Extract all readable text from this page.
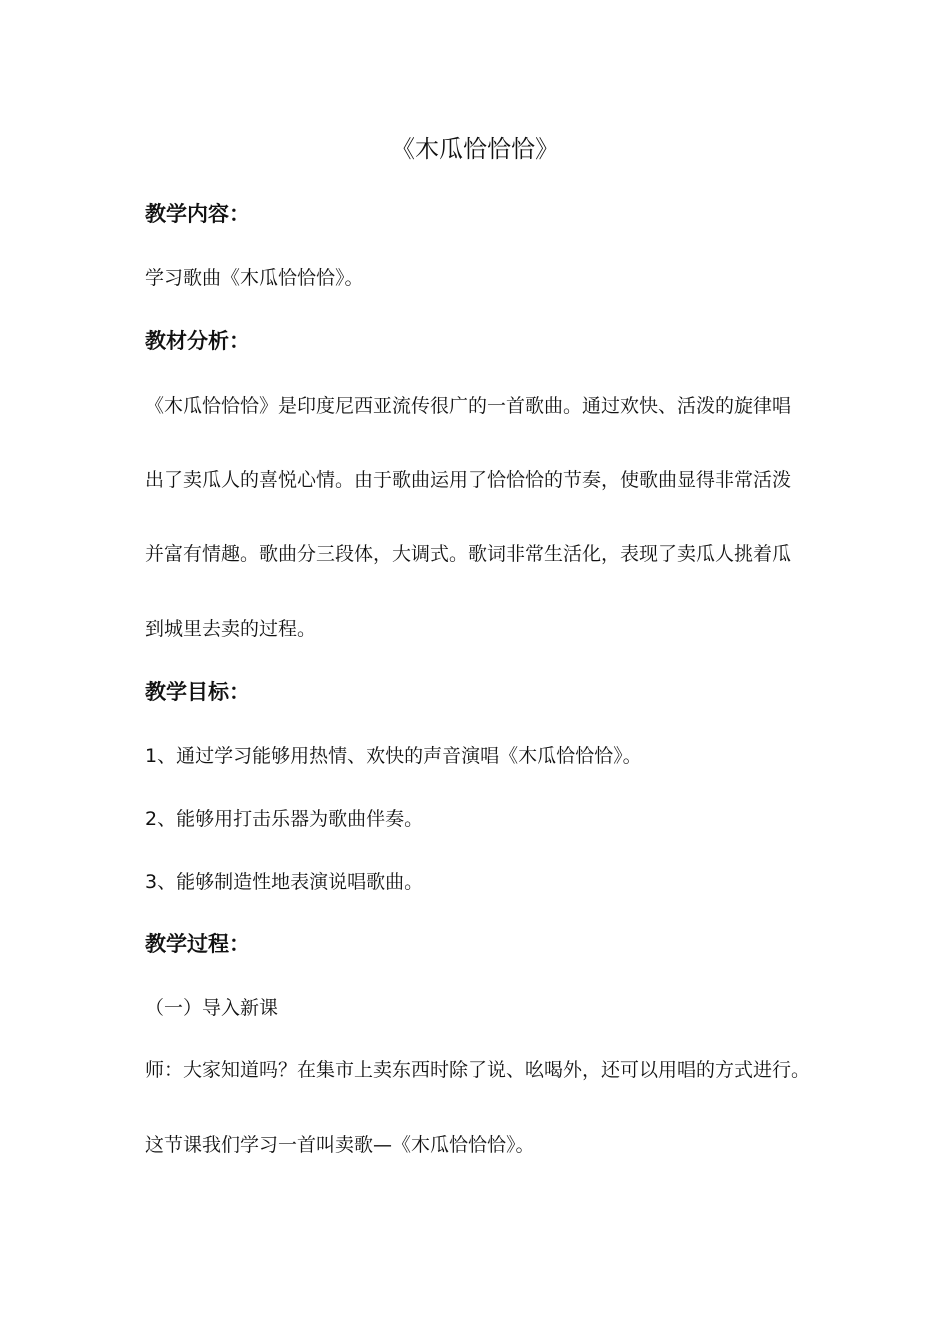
《木瓜恰恰恰》
教学内容：
学习歌曲《木瓜恰恰恰》。
教材分析：
《木瓜恰恰恰》是印度尼西亚流传很广的一首歌曲。通过欢快、活泼的旋律唱
出了卖瓜人的喜悦心情。由于歌曲运用了恰恰恰的节奏，使歌曲显得非常活泼
并富有情趣。歌曲分三段体，大调式。歌词非常生活化，表现了卖瓜人挑着瓜
到城里去卖的过程。
教学目标：
1、通过学习能够用热情、欢快的声音演唱《木瓜恰恰恰》。
2、能够用打击乐器为歌曲伴奏。
3、能够制造性地表演说唱歌曲。
教学过程：
（一）导入新课
师：大家知道吗？在集市上卖东西时除了说、吆喝外，还可以用唱的方式进行。
这节课我们学习一首叫卖歌—《木瓜恰恰恰》。
